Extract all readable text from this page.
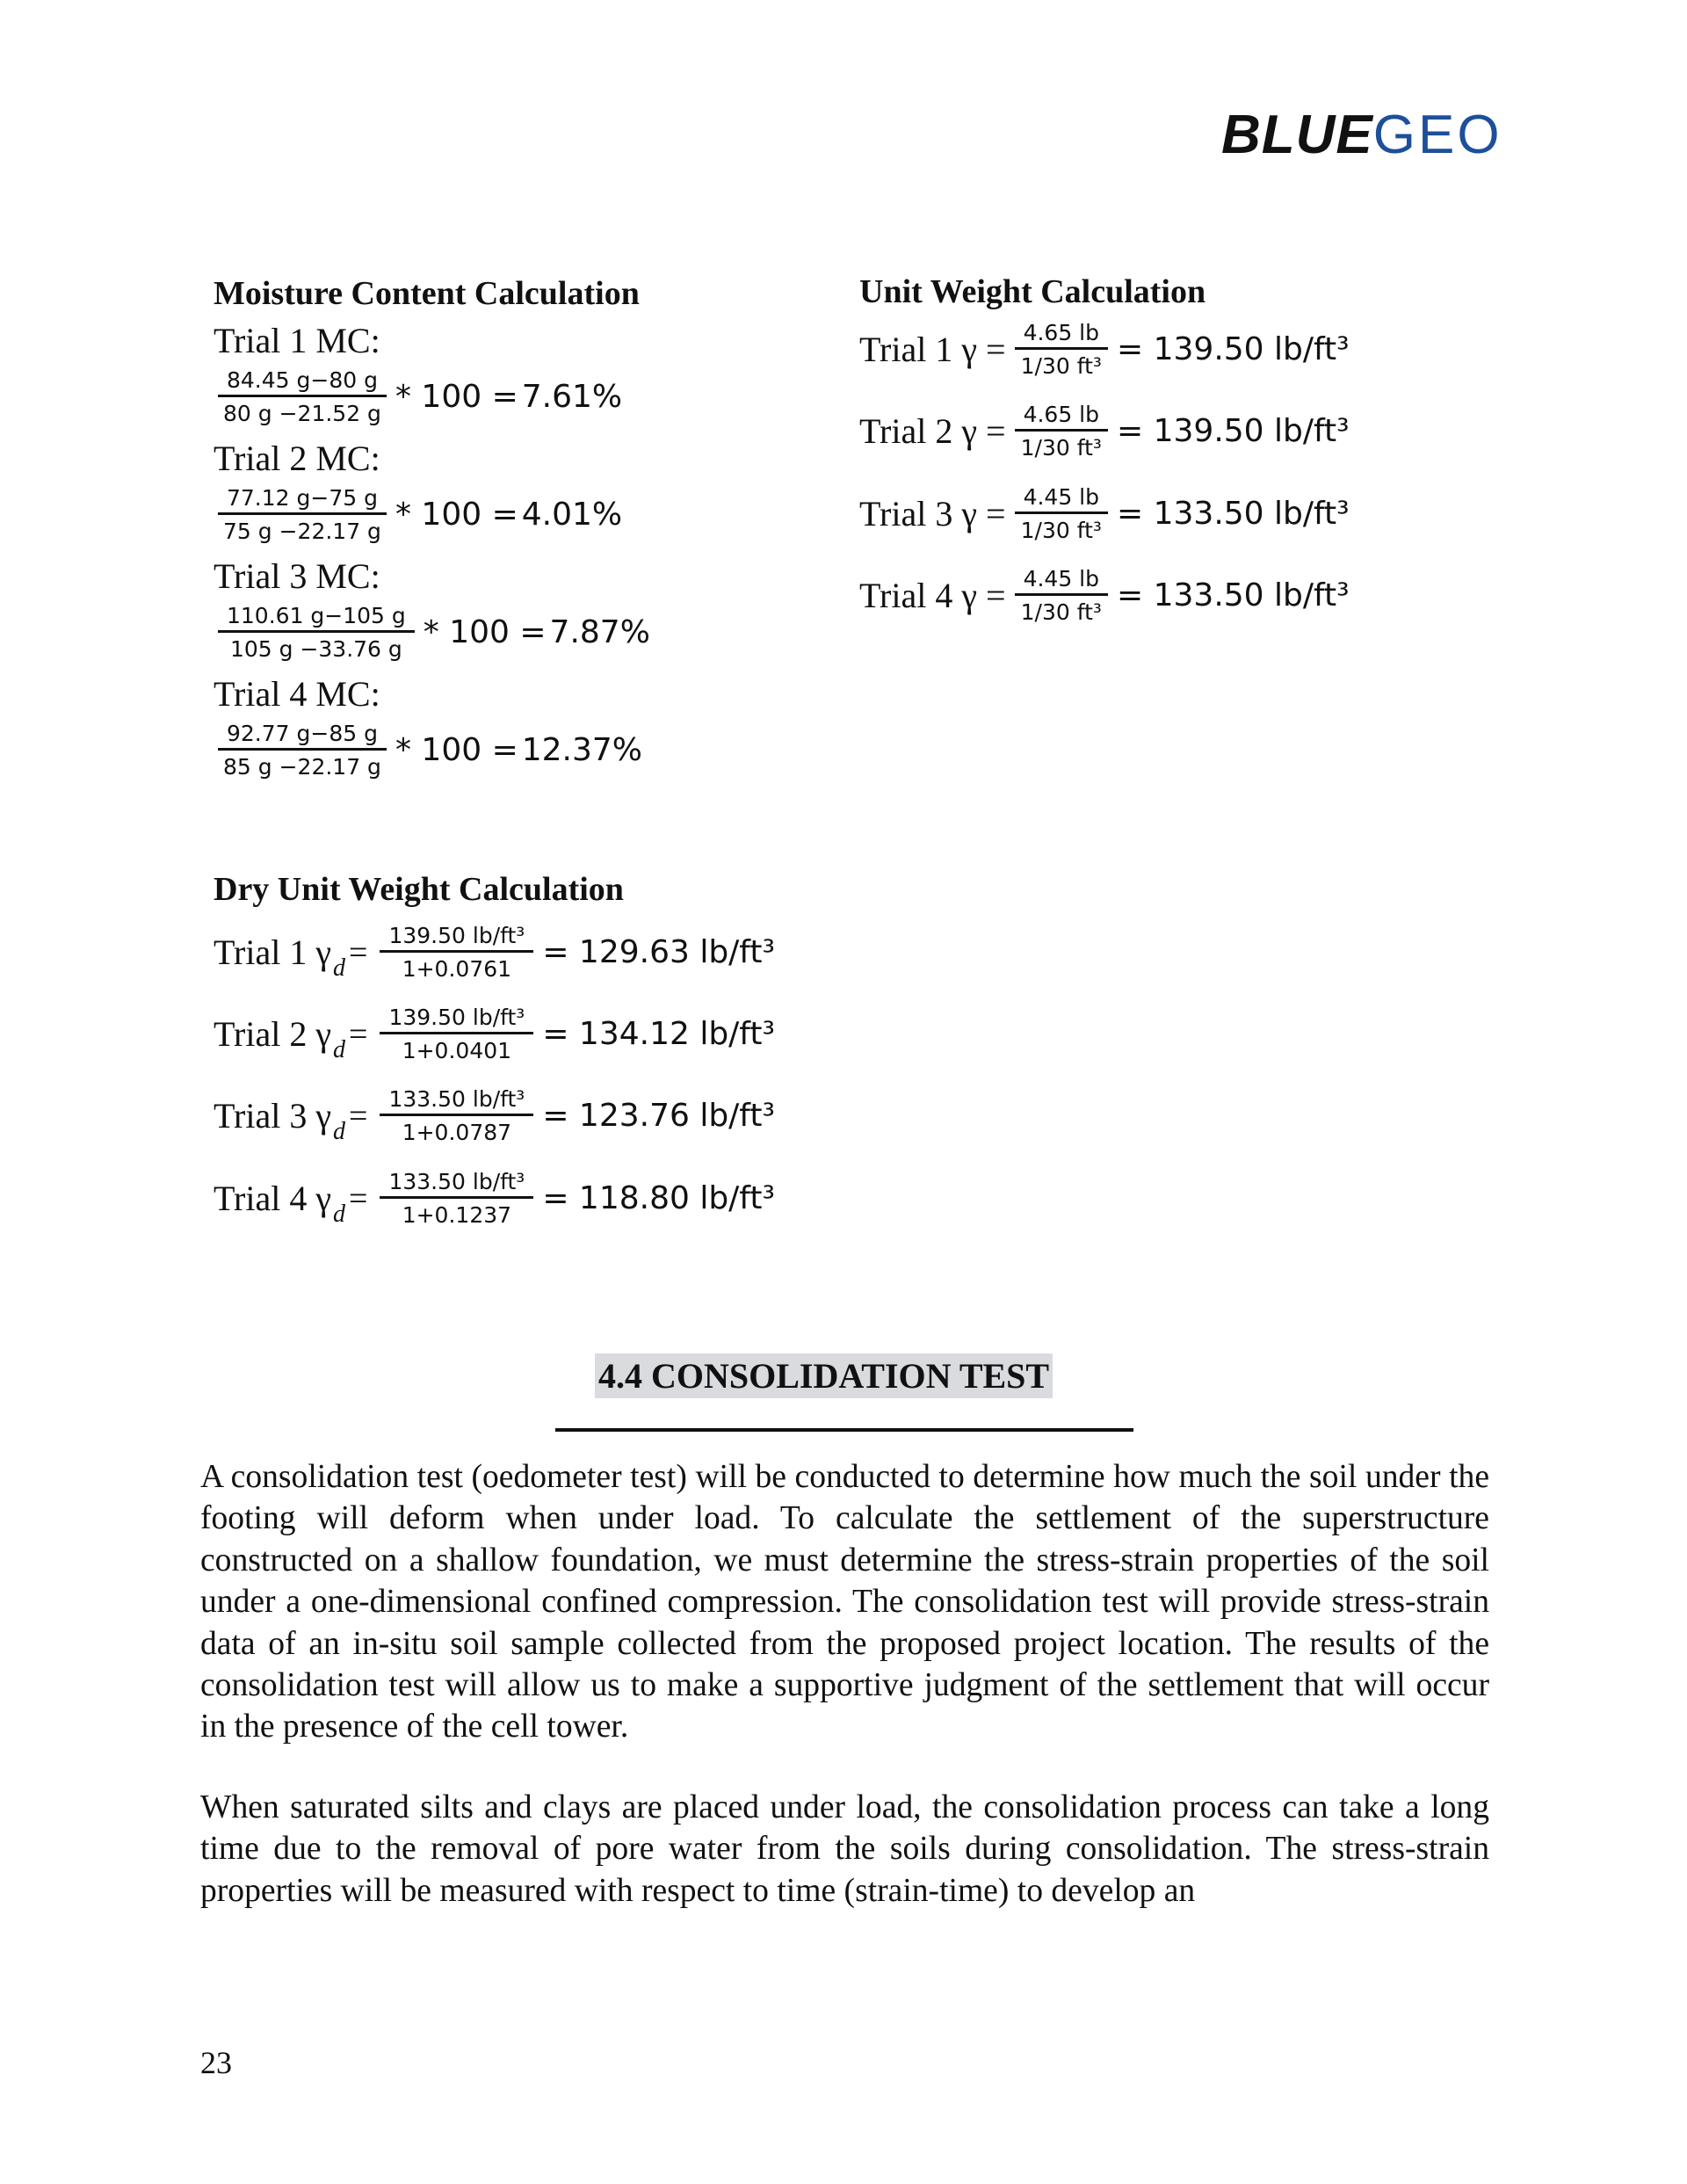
BLUEGEO
Moisture Content Calculation
Trial 1 MC:
$\frac{84.45 g-80 g}{80 g -21.52 g} * 100$ =
7.61%
Trial 2 MC:
$\frac{77.12 g-75 g}{75 g -22.17 g} * 100$ =
4.01%
Trial 3 MC:
$\frac{110.61 g-105 g}{105 g -33.76 g} * 100$ =
7.87%
Trial 4 MC:
$\frac{92.77 g-85 g}{85 g -22.17 g} * 100$ =
12.37%
Unit Weight Calculation
Trial 1 $\gamma = \frac{4.65 lb}{\text{1/30 ft³}} = 139.50$ lb/ft³
Trial 2 $\gamma = \frac{4.65 lb}{\text{1/30 ft³}} = 139.50$ lb/ft³
Trial 3 $\gamma = \frac{4.45 lb}{\text{1/30 ft³}} = 133.50$ lb/ft³
Trial 4 $\gamma = \frac{4.45 lb}{\text{1/30 ft³}} = 133.50$ lb/ft³
Dry Unit Weight Calculation
Trial 1 γ $d = \frac{\text{139.50 lb/ft³}}{1+0.0761} = 129.63$ lb/ft³
Trial 2 γ $d = \frac{\text{139.50 lb/ft³}}{1+0.0401} = 134.12$ lb/ft³
Trial 3 γ $d = \frac{\text{133.50 lb/ft³}}{1+0.0787} = 123.76$ lb/ft³
Trial 4 γ $d = \frac{\text{133.50 lb/ft³}}{1+0.1237} = 118.80$ lb/ft³
4.4 CONSOLIDATION TEST

A consolidation test (oedometer test) will be conducted to determine how much the soil under the footing will deform when under load. To calculate the settlement of the superstructure constructed on a shallow foundation, we must determine the stress-strain properties of the soil under a one-dimensional confined compression. The consolidation test will provide stress-strain data of an in-situ soil sample collected from the proposed project location. The results of the consolidation test will allow us to make a supportive judgment of the settlement that will occur in the presence of the cell tower.

When saturated silts and clays are placed under load, the consolidation process can take a long time due to the removal of pore water from the soils during consolidation. The stress-strain properties will be measured with respect to time (strain-time) to develop an

23
